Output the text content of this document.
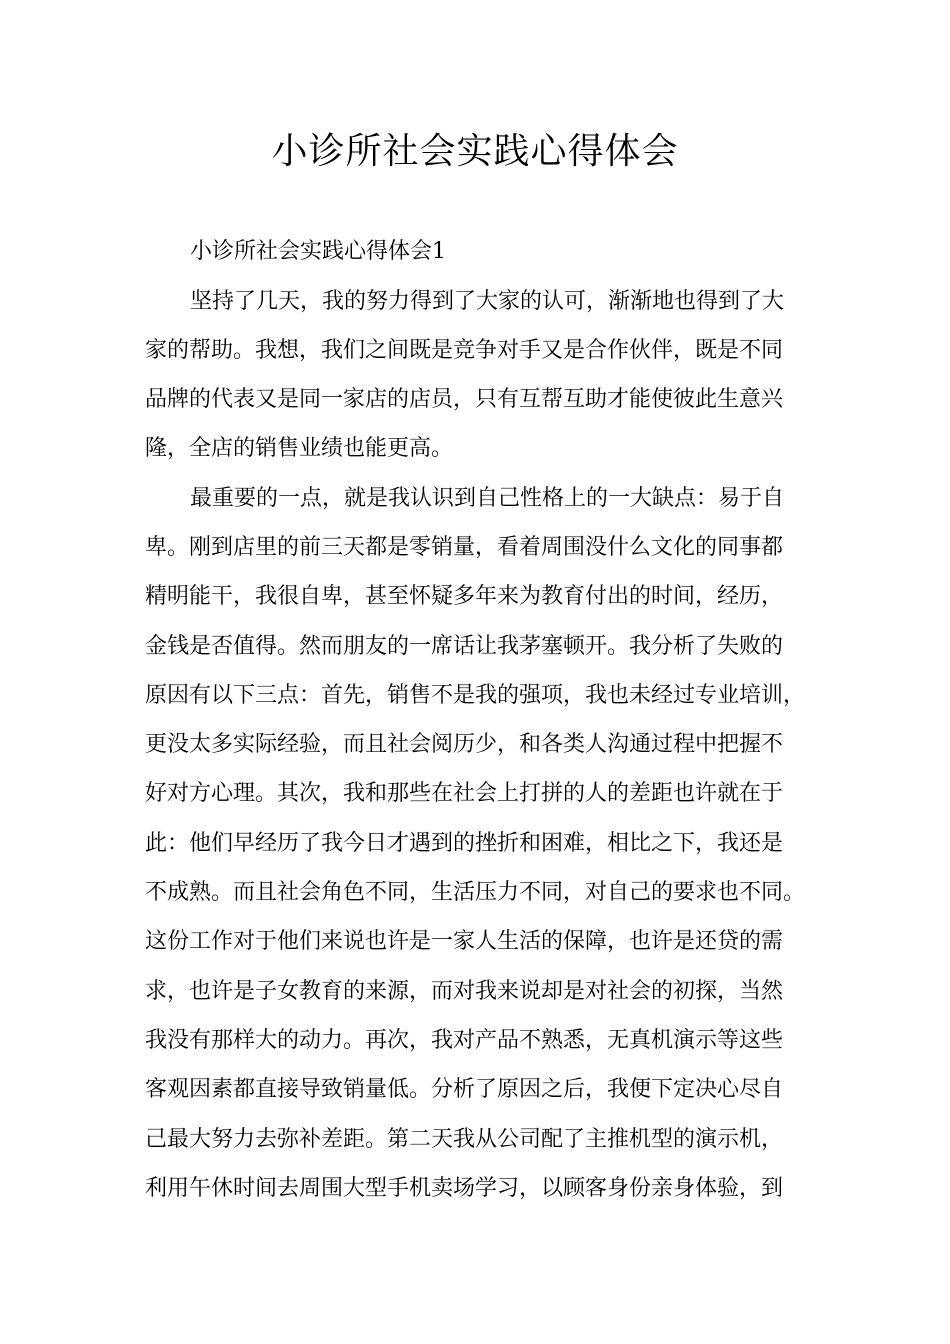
小诊所社会实践心得体会
小诊所社会实践心得体会1
坚持了几天，我的努力得到了大家的认可，渐渐地也得到了大
家的帮助。我想，我们之间既是竞争对手又是合作伙伴，既是不同
品牌的代表又是同一家店的店员，只有互帮互助才能使彼此生意兴
隆，全店的销售业绩也能更高。
最重要的一点，就是我认识到自己性格上的一大缺点：易于自
卑。刚到店里的前三天都是零销量，看着周围没什么文化的同事都
精明能干，我很自卑，甚至怀疑多年来为教育付出的时间，经历，
金钱是否值得。然而朋友的一席话让我茅塞顿开。我分析了失败的
原因有以下三点：首先，销售不是我的强项，我也未经过专业培训，
更没太多实际经验，而且社会阅历少，和各类人沟通过程中把握不
好对方心理。其次，我和那些在社会上打拼的人的差距也许就在于
此：他们早经历了我今日才遇到的挫折和困难，相比之下，我还是
不成熟。而且社会角色不同，生活压力不同，对自己的要求也不同。
这份工作对于他们来说也许是一家人生活的保障，也许是还贷的需
求，也许是子女教育的来源，而对我来说却是对社会的初探，当然
我没有那样大的动力。再次，我对产品不熟悉，无真机演示等这些
客观因素都直接导致销量低。分析了原因之后，我便下定决心尽自
己最大努力去弥补差距。第二天我从公司配了主推机型的演示机，
利用午休时间去周围大型手机卖场学习，以顾客身份亲身体验，到
